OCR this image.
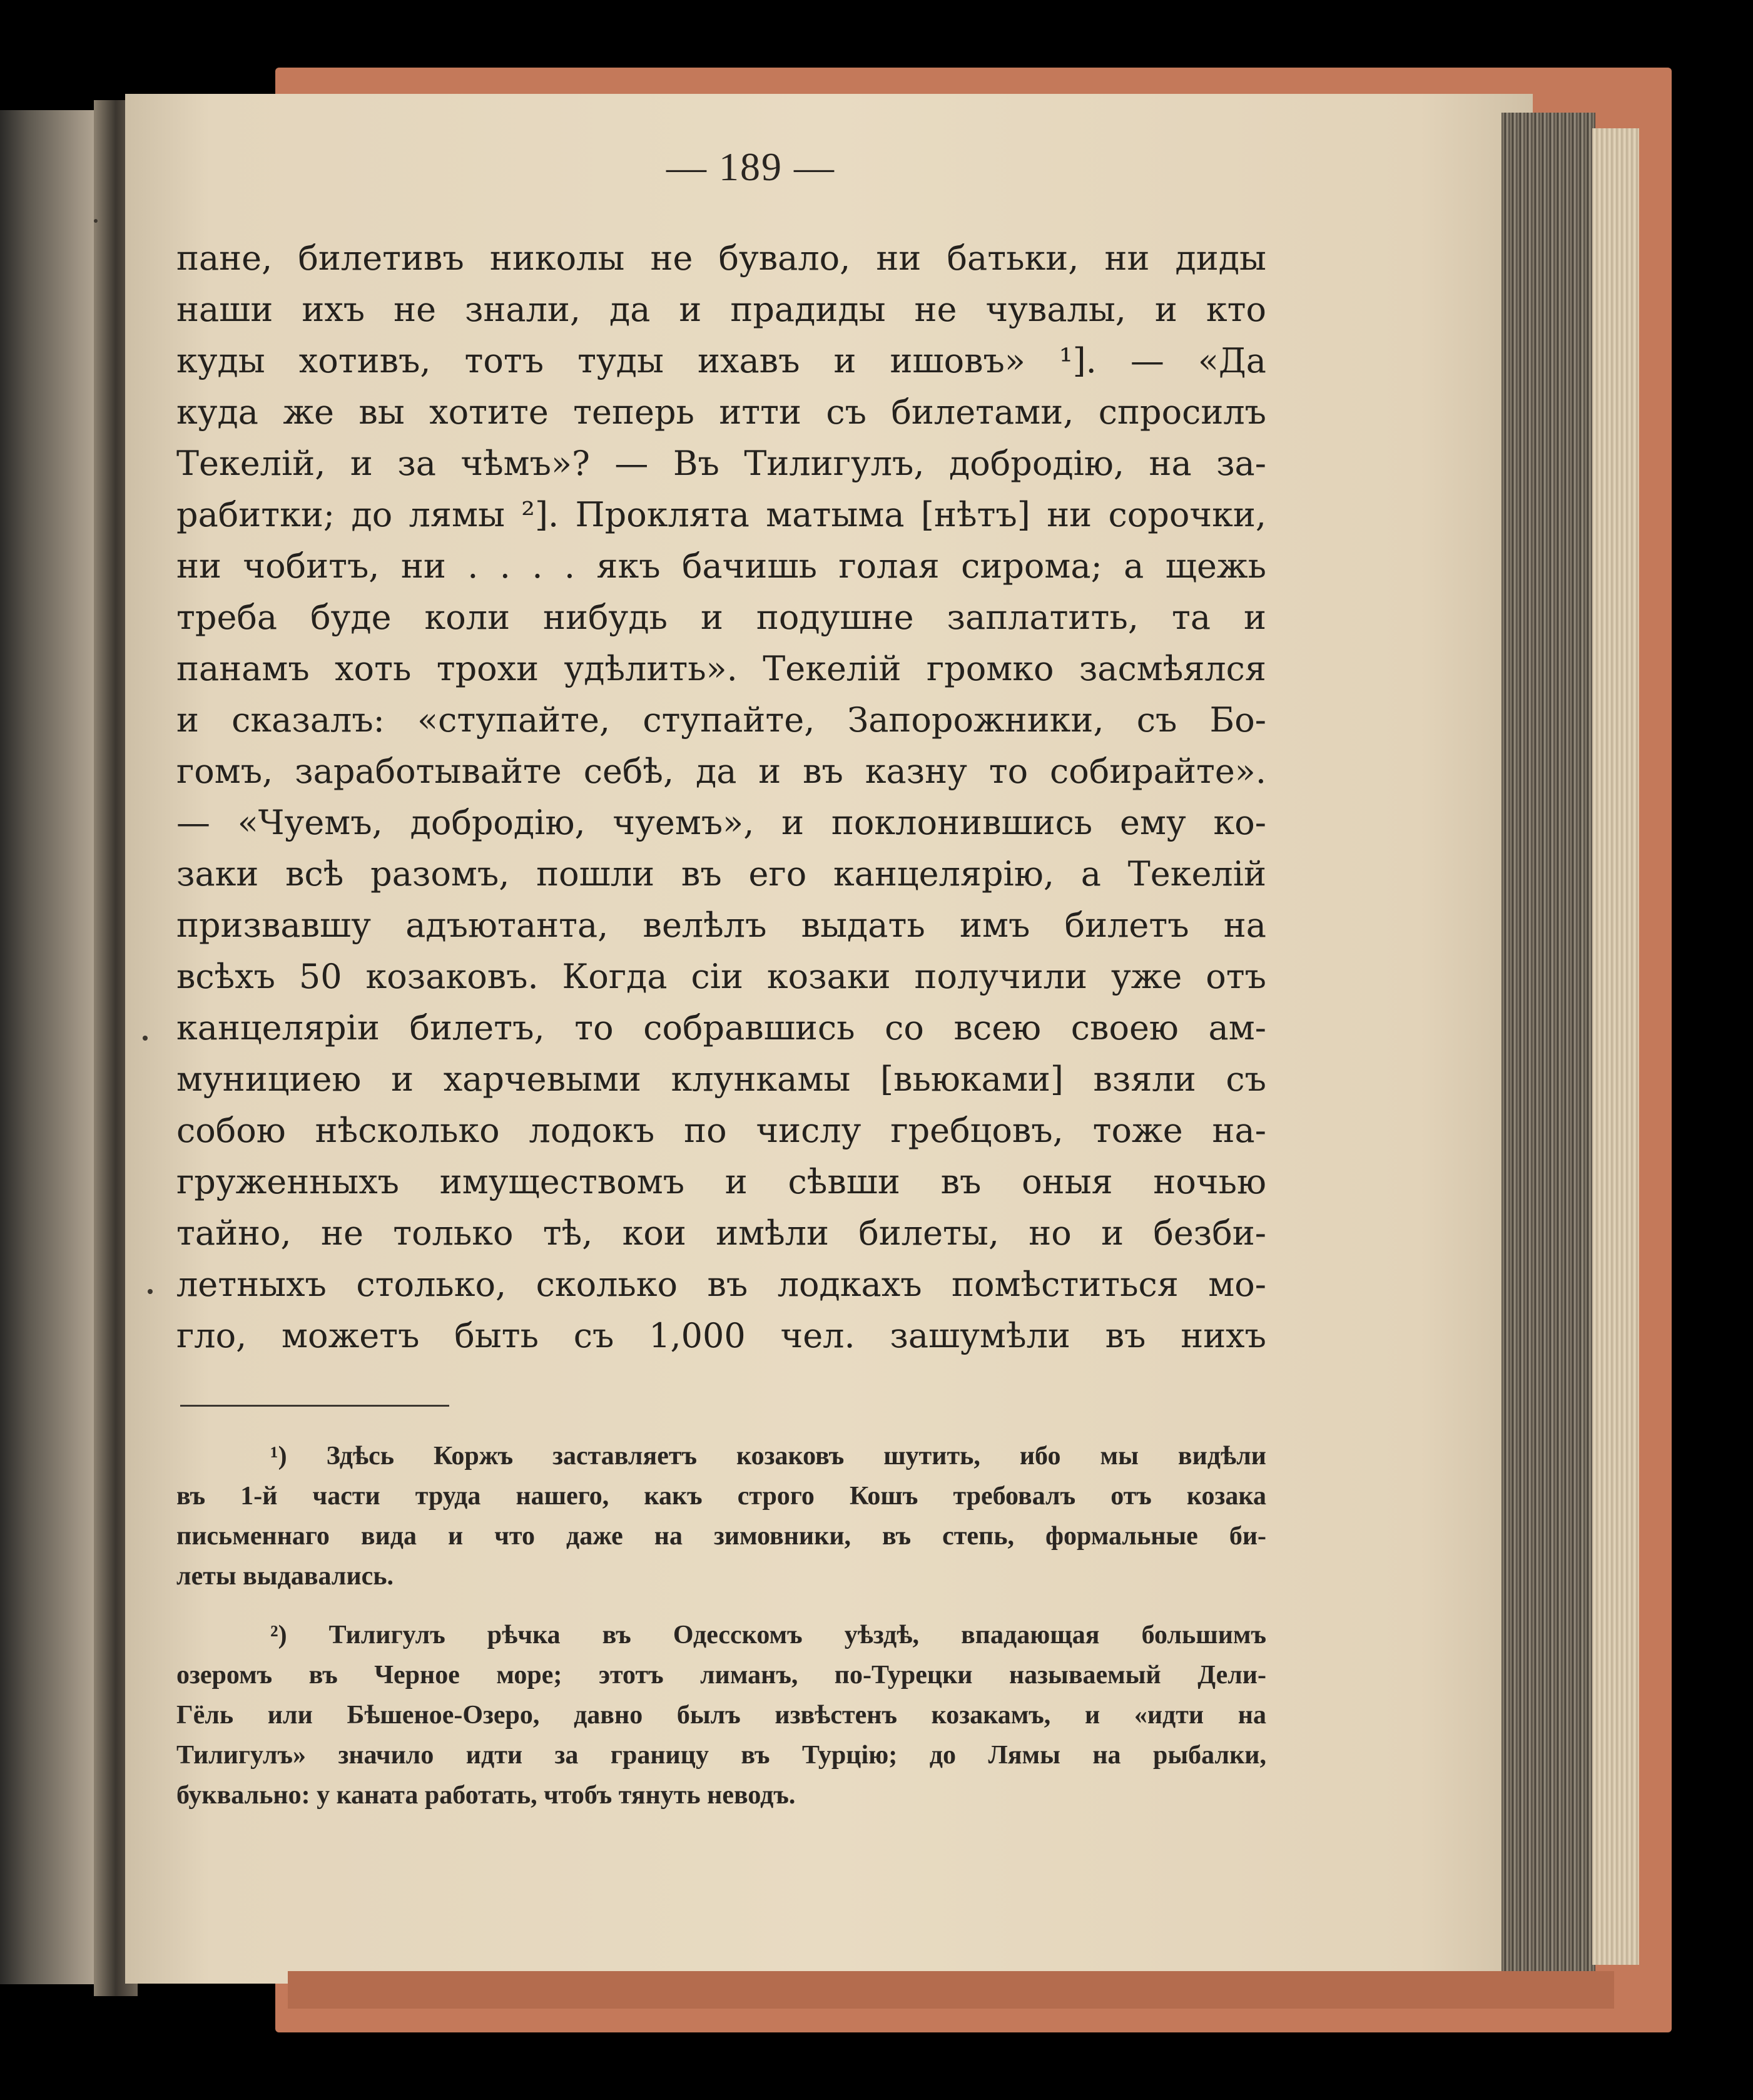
— 189 —
пане, билетивъ николы не бувало, ни батьки, ни диды
наши ихъ не знали, да и прадиды не чувалы, и кто
куды хотивъ, тотъ туды ихавъ и ишовъ» ¹]. — «Да
куда же вы хотите теперь итти съ билетами, спросилъ
Текелій, и за чѣмъ»? — Въ Тилигулъ, добродію, на за-
рабитки; до лямы ²]. Проклята матыма [нѣтъ] ни сорочки,
ни чобитъ, ни . . . . якъ бачишь голая сирома; а щежь
треба буде коли нибудь и подушне заплатить, та и
панамъ хоть трохи удѣлить». Текелій громко засмѣялся
и сказалъ: «ступайте, ступайте, Запорожники, съ Бо-
гомъ, заработывайте себѣ, да и въ казну то собирайте».
— «Чуемъ, добродію, чуемъ», и поклонившись ему ко-
заки всѣ разомъ, пошли въ его канцелярію, а Текелій
призвавшу адъютанта, велѣлъ выдать имъ билетъ на
всѣхъ 50 козаковъ. Когда сіи козаки получили уже отъ
канцеляріи билетъ, то собравшись со всею своею ам-
мунициею и харчевыми клункамы [вьюками] взяли съ
собою нѣсколько лодокъ по числу гребцовъ, тоже на-
груженныхъ имуществомъ и сѣвши въ оныя ночью
тайно, не только тѣ, кои имѣли билеты, но и безби-
летныхъ столько, сколько въ лодкахъ помѣститься мо-
гло, можетъ быть съ 1,000 чел. зашумѣли въ нихъ
¹) Здѣсь Коржъ заставляетъ козаковъ шутить, ибо мы видѣли
въ 1-й части труда нашего, какъ строго Кошъ требовалъ отъ козака
письменнаго вида и что даже на зимовники, въ степь, формальные би-
леты выдавались.
²) Тилигулъ рѣчка въ Одесскомъ уѣздѣ, впадающая большимъ
озеромъ въ Черное море; этотъ лиманъ, по-Турецки называемый Дели-
Гёль или Бѣшеное-Озеро, давно былъ извѣстенъ козакамъ, и «идти на
Тилигулъ» значило идти за границу въ Турцію; до Лямы на рыбалки,
буквально: у каната работать, чтобъ тянуть неводъ.
